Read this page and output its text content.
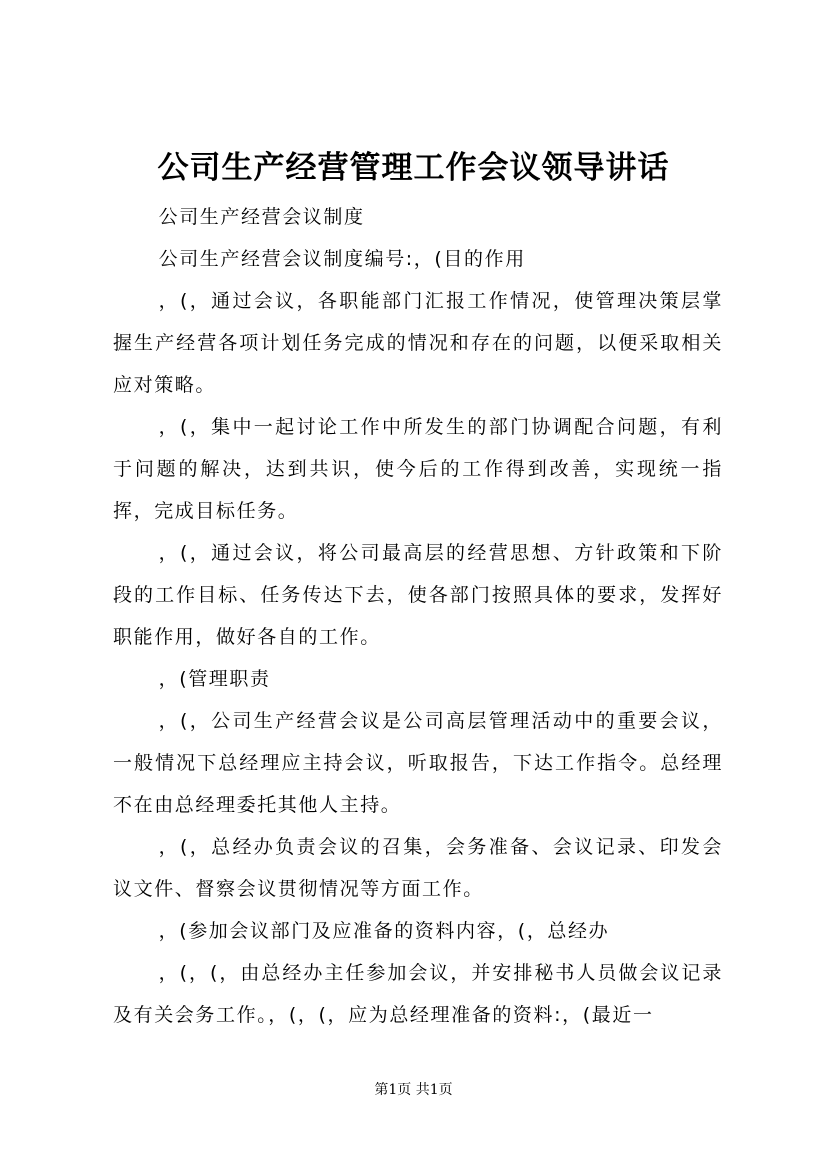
公司生产经营管理工作会议领导讲话

公司生产经营会议制度

公司生产经营会议制度编号:，(目的作用

，(，通过会议，各职能部门汇报工作情况，使管理决策层掌握生产经营各项计划任务完成的情况和存在的问题，以便采取相关应对策略。

，(，集中一起讨论工作中所发生的部门协调配合问题，有利于问题的解决，达到共识，使今后的工作得到改善，实现统一指挥，完成目标任务。

，(，通过会议，将公司最高层的经营思想、方针政策和下阶段的工作目标、任务传达下去，使各部门按照具体的要求，发挥好职能作用，做好各自的工作。

，(管理职责

，(，公司生产经营会议是公司高层管理活动中的重要会议，一般情况下总经理应主持会议，听取报告，下达工作指令。总经理不在由总经理委托其他人主持。

，(，总经办负责会议的召集，会务准备、会议记录、印发会议文件、督察会议贯彻情况等方面工作。

，(参加会议部门及应准备的资料内容，(，总经办

，(，(，由总经办主任参加会议，并安排秘书人员做会议记录及有关会务工作。，(，(，应为总经理准备的资料:，(最近一

第1页 共1页
